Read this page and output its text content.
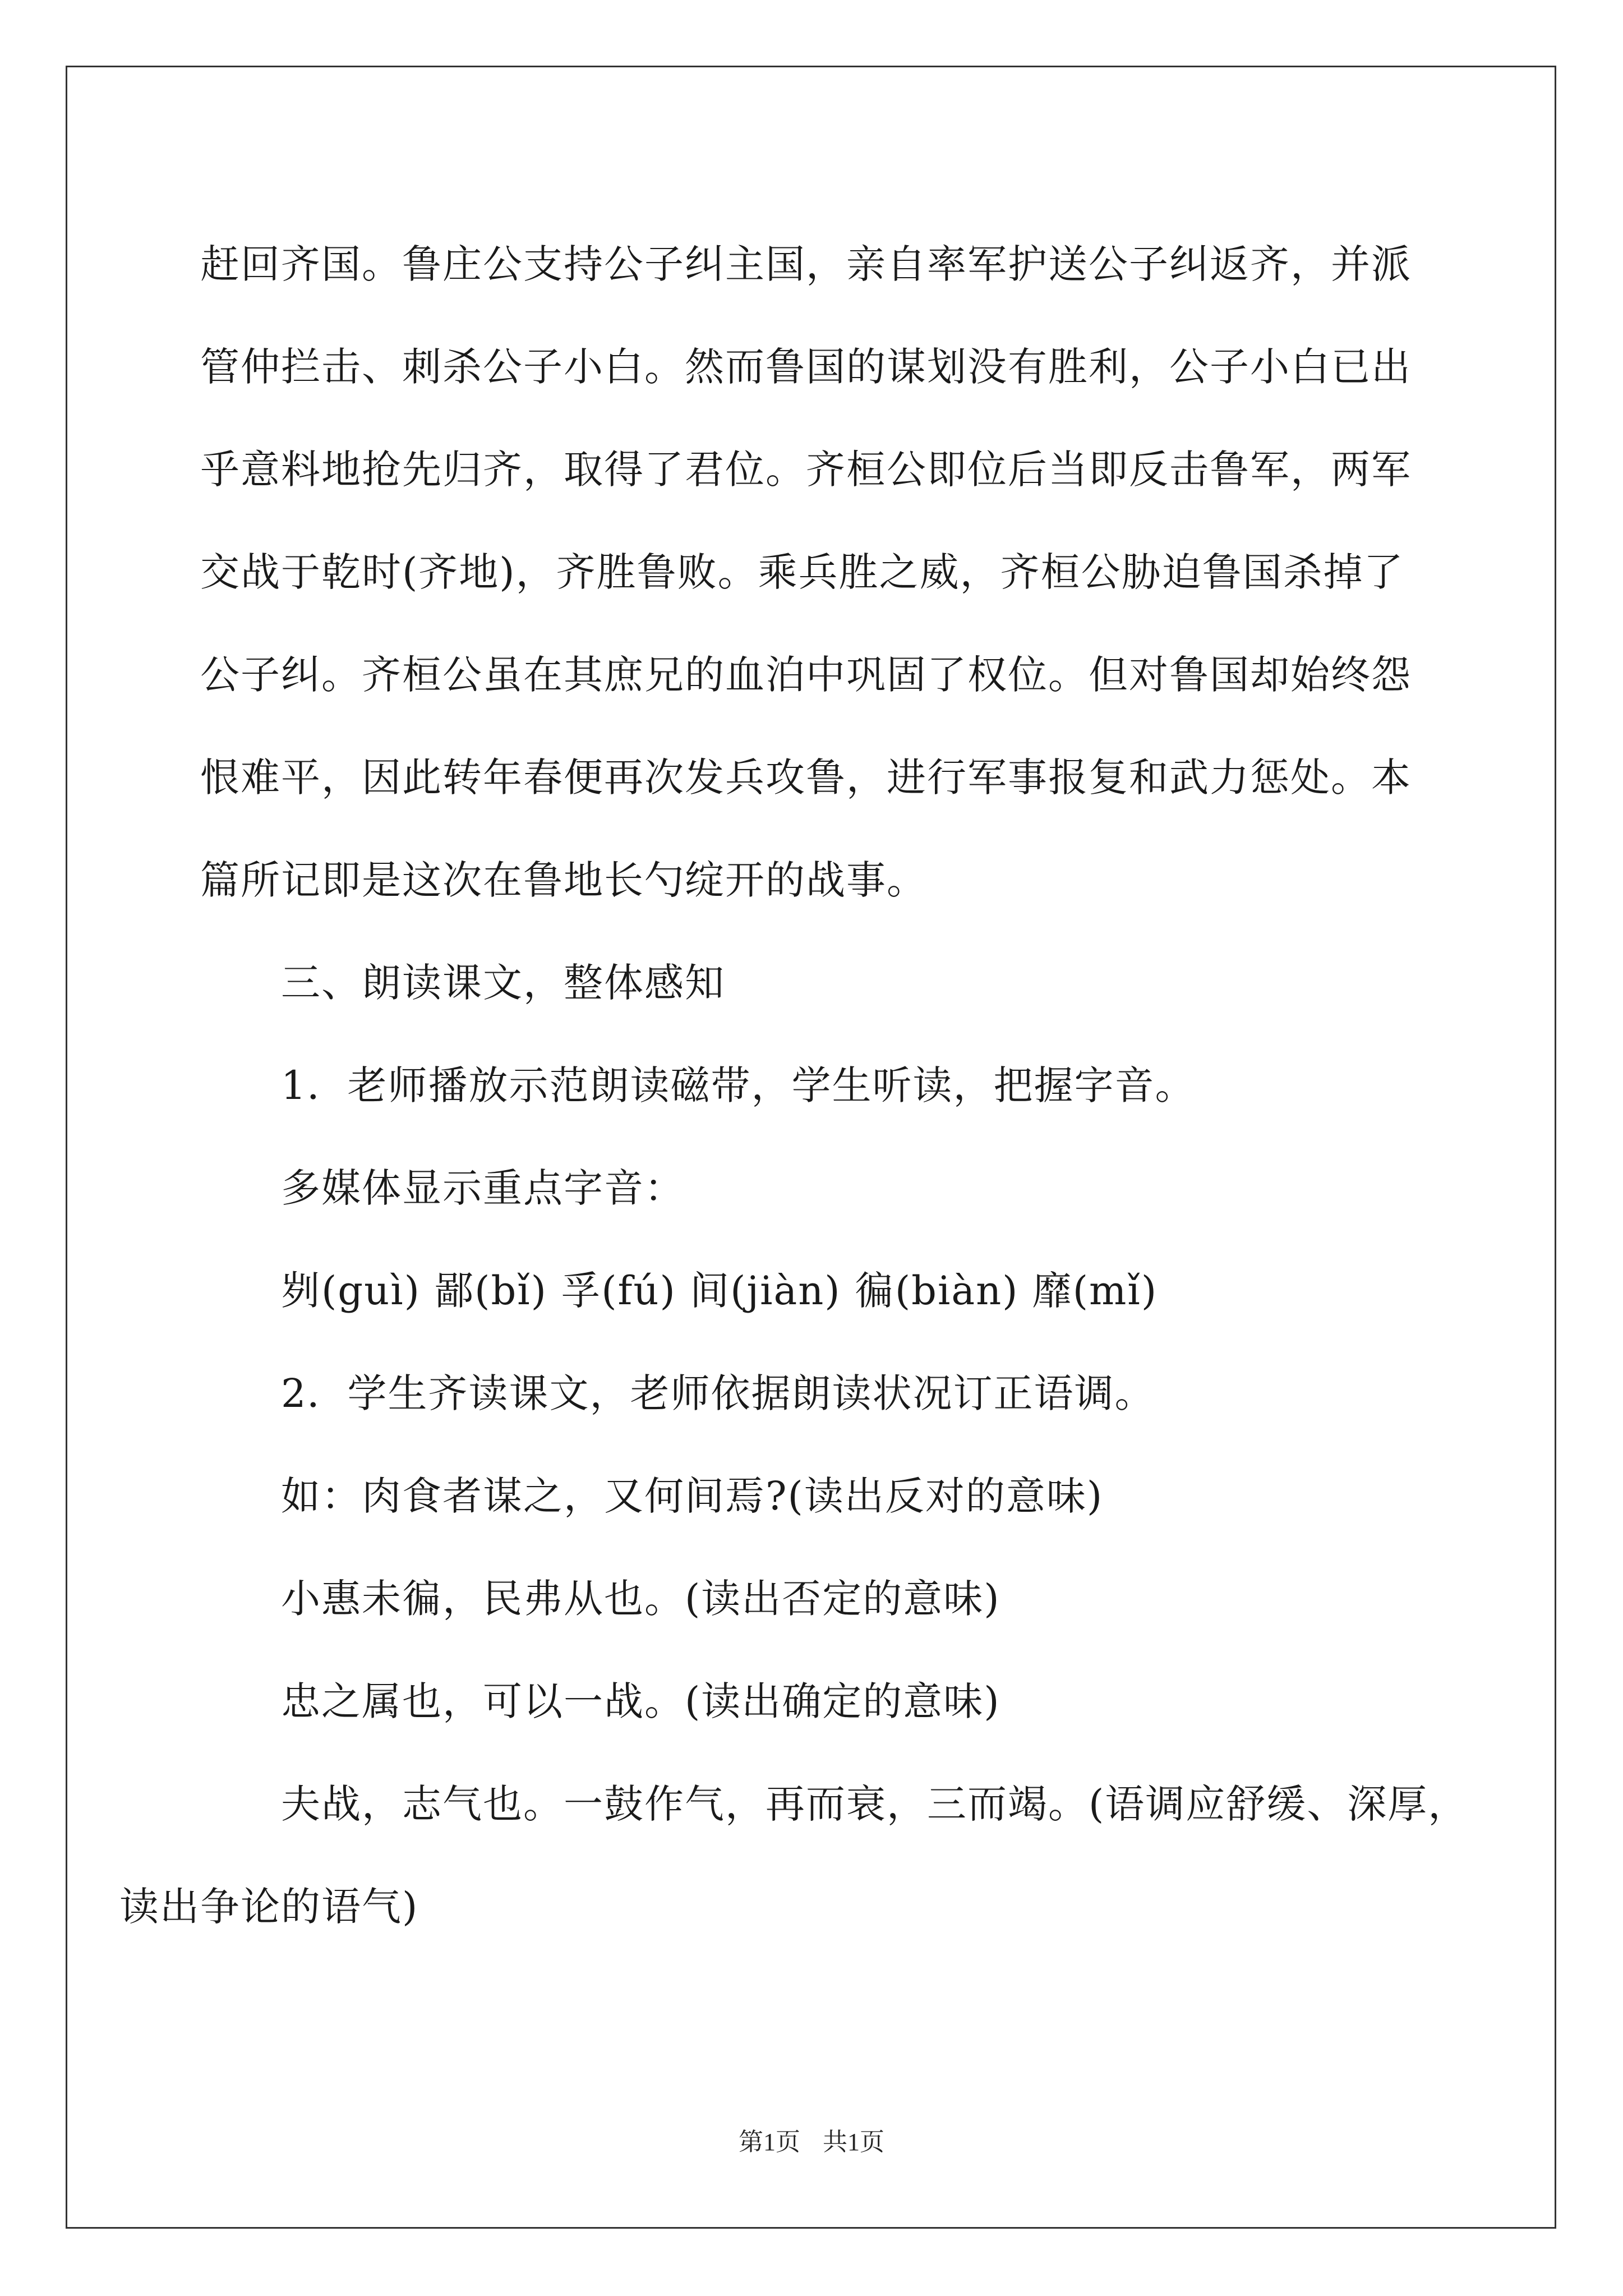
赶回齐国。鲁庄公支持公子纠主国，亲自率军护送公子纠返齐，并派
管仲拦击、刺杀公子小白。然而鲁国的谋划没有胜利，公子小白已出
乎意料地抢先归齐，取得了君位。齐桓公即位后当即反击鲁军，两军
交战于乾时(齐地)，齐胜鲁败。乘兵胜之威，齐桓公胁迫鲁国杀掉了
公子纠。齐桓公虽在其庶兄的血泊中巩固了权位。但对鲁国却始终怨
恨难平，因此转年春便再次发兵攻鲁，进行军事报复和武力惩处。本
篇所记即是这次在鲁地长勺绽开的战事。

三、朗读课文，整体感知

1．老师播放示范朗读磁带，学生听读，把握字音。

多媒体显示重点字音：

刿(guì) 鄙(bǐ) 孚(fú) 间(jiàn) 徧(biàn) 靡(mǐ)

2．学生齐读课文，老师依据朗读状况订正语调。

如：肉食者谋之，又何间焉?(读出反对的意味)

小惠未徧，民弗从也。(读出否定的意味)

忠之属也，可以一战。(读出确定的意味)

夫战，志气也。一鼓作气，再而衰，三而竭。(语调应舒缓、深厚，
读出争论的语气)

第1页 共1页
